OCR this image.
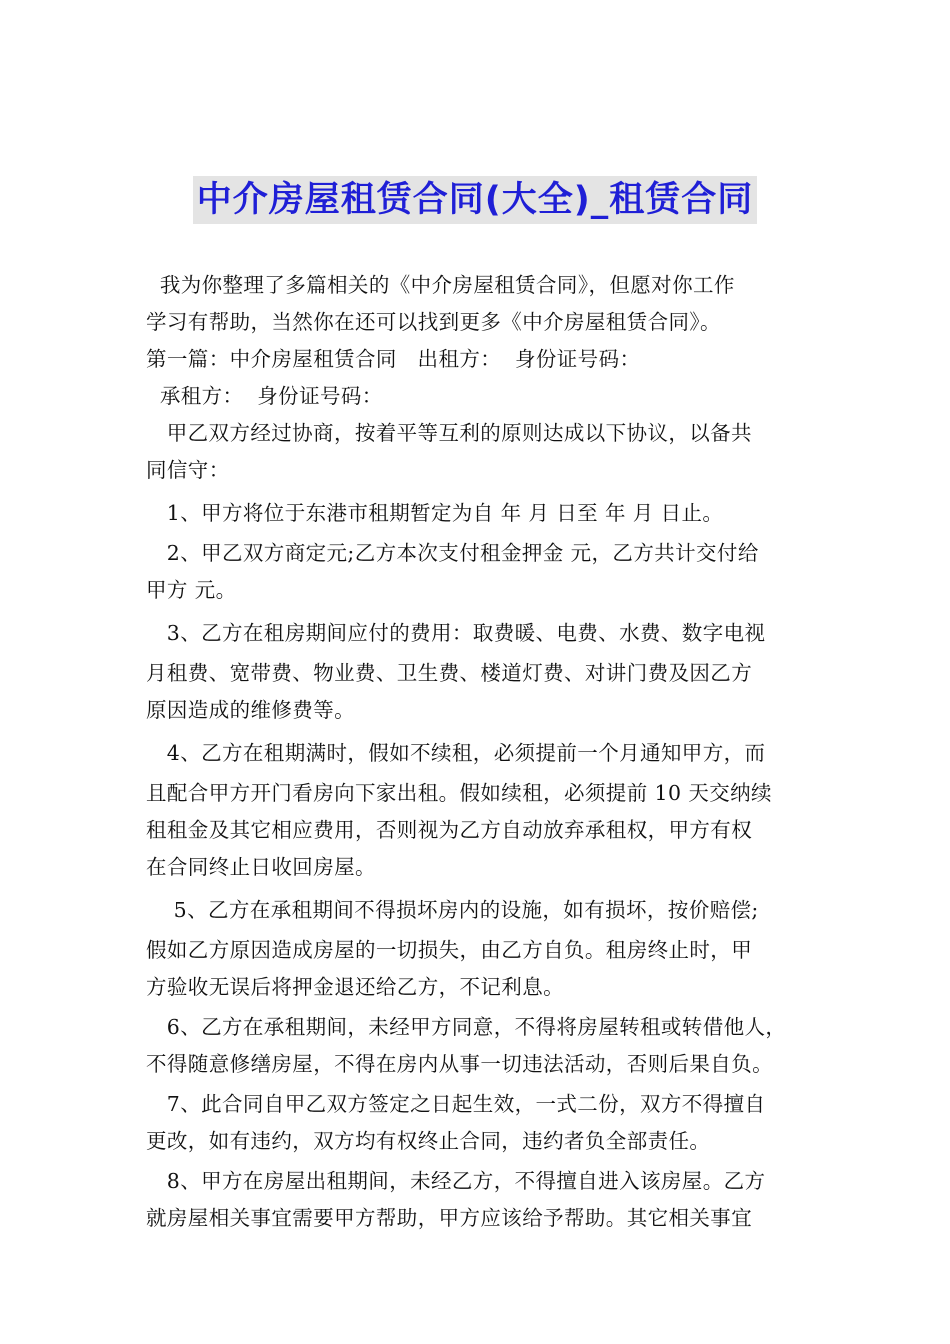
中介房屋租赁合同(大全)_租赁合同
我为你整理了多篇相关的《中介房屋租赁合同》，但愿对你工作
学习有帮助，当然你在还可以找到更多《中介房屋租赁合同》。
第一篇：中介房屋租赁合同   出租方：  身份证号码：
承租方：  身份证号码：
甲乙双方经过协商，按着平等互利的原则达成以下协议，以备共
同信守：
1、甲方将位于东港市租期暂定为自 年 月 日至 年 月 日止。
2、甲乙双方商定元;乙方本次支付租金押金 元，乙方共计交付给
甲方 元。
3、乙方在租房期间应付的费用：取费暖、电费、水费、数字电视
月租费、宽带费、物业费、卫生费、楼道灯费、对讲门费及因乙方
原因造成的维修费等。
4、乙方在租期满时，假如不续租，必须提前一个月通知甲方，而
且配合甲方开门看房向下家出租。假如续租，必须提前 10 天交纳续
租租金及其它相应费用，否则视为乙方自动放弃承租权，甲方有权
在合同终止日收回房屋。
5、乙方在承租期间不得损坏房内的设施，如有损坏，按价赔偿;
假如乙方原因造成房屋的一切损失，由乙方自负。租房终止时，甲
方验收无误后将押金退还给乙方，不记利息。
6、乙方在承租期间，未经甲方同意，不得将房屋转租或转借他人，
不得随意修缮房屋，不得在房内从事一切违法活动，否则后果自负。
7、此合同自甲乙双方签定之日起生效，一式二份，双方不得擅自
更改，如有违约，双方均有权终止合同，违约者负全部责任。
8、甲方在房屋出租期间，未经乙方，不得擅自进入该房屋。乙方
就房屋相关事宜需要甲方帮助，甲方应该给予帮助。其它相关事宜
